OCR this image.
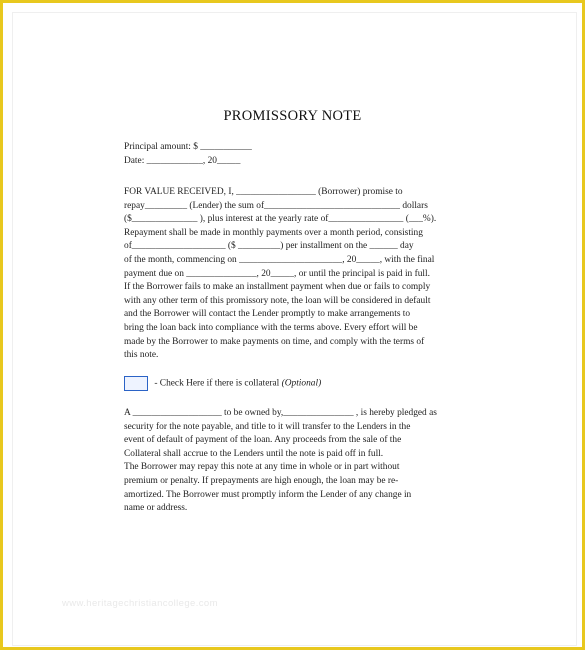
PROMISSORY NOTE
Principal amount: $ ___________
Date: ____________, 20_____

FOR VALUE RECEIVED, I, _________________ (Borrower) promise to

repay_________ (Lender) the sum of_____________________________ dollars

($______________ ), plus interest at the yearly rate of________________ (___%).

Repayment shall be made in monthly payments over a month period, consisting

of____________________ ($ _________) per installment on the ______ day

of the month, commencing on ______________________, 20_____, with the final

payment due on _______________, 20_____, or until the principal is paid in full.

If the Borrower fails to make an installment payment when due or fails to comply

with any other term of this promissory note, the loan will be considered in default

and the Borrower will contact the Lender promptly to make arrangements to

bring the loan back into compliance with the terms above. Every effort will be

made by the Borrower to make payments on time, and comply with the terms of

this note.

- Check Here if there is collateral (Optional)

A ___________________ to be owned by,_______________ , is hereby pledged as

security for the note payable, and title to it will transfer to the Lenders in the

event of default of payment of the loan. Any proceeds from the sale of the

Collateral shall accrue to the Lenders until the note is paid off in full.

The Borrower may repay this note at any time in whole or in part without

premium or penalty. If prepayments are high enough, the loan may be re-

amortized. The Borrower must promptly inform the Lender of any change in

name or address.

www.heritagechristiancollege.com
